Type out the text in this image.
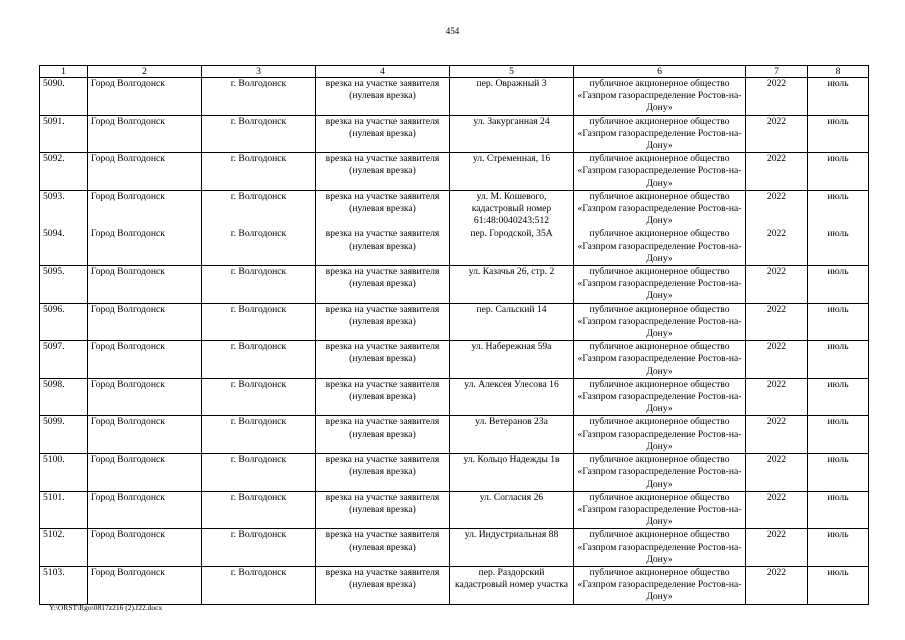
454
1	2	3	4	5	6	7	8
5090.	Город Волгодонск	г. Волгодонск	врезка на участке заявителя (нулевая врезка)	пер. Овражный 3	публичное акционерное общество «Газпром газораспределение Ростов-на-Дону»	2022	июль
5091.	Город Волгодонск	г. Волгодонск	врезка на участке заявителя (нулевая врезка)	ул. Закурганная 24	публичное акционерное общество «Газпром газораспределение Ростов-на-Дону»	2022	июль
5092.	Город Волгодонск	г. Волгодонск	врезка на участке заявителя (нулевая врезка)	ул. Стременная, 16	публичное акционерное общество «Газпром газораспределение Ростов-на-Дону»	2022	июль
5093.	Город Волгодонск	г. Волгодонск	врезка на участке заявителя (нулевая врезка)	ул. М. Кошевого, кадастровый номер 61:48:0040243:512	публичное акционерное общество «Газпром газораспределение Ростов-на-Дону»	2022	июль
5094.	Город Волгодонск	г. Волгодонск	врезка на участке заявителя (нулевая врезка)	пер. Городской, 35А	публичное акционерное общество «Газпром газораспределение Ростов-на-Дону»	2022	июль
5095.	Город Волгодонск	г. Волгодонск	врезка на участке заявителя (нулевая врезка)	ул. Казачья 26, стр. 2	публичное акционерное общество «Газпром газораспределение Ростов-на-Дону»	2022	июль
5096.	Город Волгодонск	г. Волгодонск	врезка на участке заявителя (нулевая врезка)	пер. Сальский 14	публичное акционерное общество «Газпром газораспределение Ростов-на-Дону»	2022	июль
5097.	Город Волгодонск	г. Волгодонск	врезка на участке заявителя (нулевая врезка)	ул. Набережная 59а	публичное акционерное общество «Газпром газораспределение Ростов-на-Дону»	2022	июль
5098.	Город Волгодонск	г. Волгодонск	врезка на участке заявителя (нулевая врезка)	ул. Алексея Улесова 16	публичное акционерное общество «Газпром газораспределение Ростов-на-Дону»	2022	июль
5099.	Город Волгодонск	г. Волгодонск	врезка на участке заявителя (нулевая врезка)	ул. Ветеранов 23а	публичное акционерное общество «Газпром газораспределение Ростов-на-Дону»	2022	июль
5100.	Город Волгодонск	г. Волгодонск	врезка на участке заявителя (нулевая врезка)	ул. Кольцо Надежды 1в	публичное акционерное общество «Газпром газораспределение Ростов-на-Дону»	2022	июль
5101.	Город Волгодонск	г. Волгодонск	врезка на участке заявителя (нулевая врезка)	ул. Согласия 26	публичное акционерное общество «Газпром газораспределение Ростов-на-Дону»	2022	июль
5102.	Город Волгодонск	г. Волгодонск	врезка на участке заявителя (нулевая врезка)	ул. Индустриальная 88	публичное акционерное общество «Газпром газораспределение Ростов-на-Дону»	2022	июль
5103.	Город Волгодонск	г. Волгодонск	врезка на участке заявителя (нулевая врезка)	пер. Раздорский кадастровый номер участка	публичное акционерное общество «Газпром газораспределение Ростов-на-Дону»	2022	июль
Y:\ORST\Rgo\0817z216 (2).f22.docx
